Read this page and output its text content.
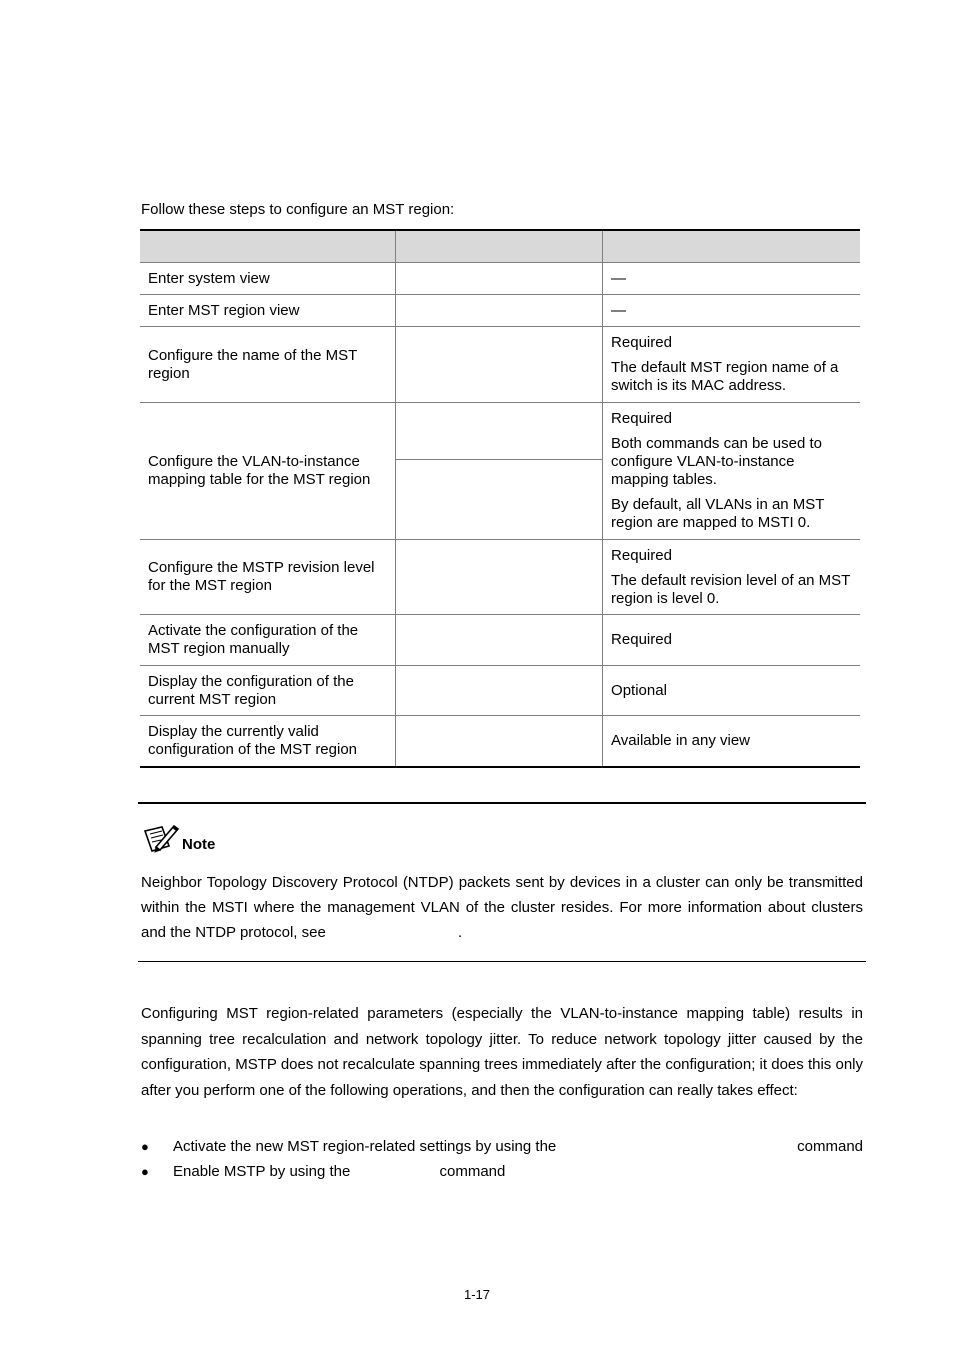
Follow these steps to configure an MST region:

Enter system view		—

Enter MST region view		—

Configure the name of the MST region		Required

The default MST region name of a switch is its MAC address.

Configure the VLAN-to-instance mapping table for the MST region		Required

Both commands can be used to configure VLAN-to-instance mapping tables.

By default, all VLANs in an MST region are mapped to MSTI 0.

Configure the MSTP revision level for the MST region		Required

The default revision level of an MST region is level 0.

Activate the configuration of the MST region manually		Required

Display the configuration of the current MST region		Optional

Display the currently valid configuration of the MST region		Available in any view

Note

Neighbor Topology Discovery Protocol (NTDP) packets sent by devices in a cluster can only be transmitted within the MSTI where the management VLAN of the cluster resides. For more information about clusters and the NTDP protocol, see	.

Configuring MST region-related parameters (especially the VLAN-to-instance mapping table) results in spanning tree recalculation and network topology jitter. To reduce network topology jitter caused by the configuration, MSTP does not recalculate spanning trees immediately after the configuration; it does this only after you perform one of the following operations, and then the configuration can really takes effect:

● Activate the new MST region-related settings by using the	command
● Enable MSTP by using the	command
1-17
